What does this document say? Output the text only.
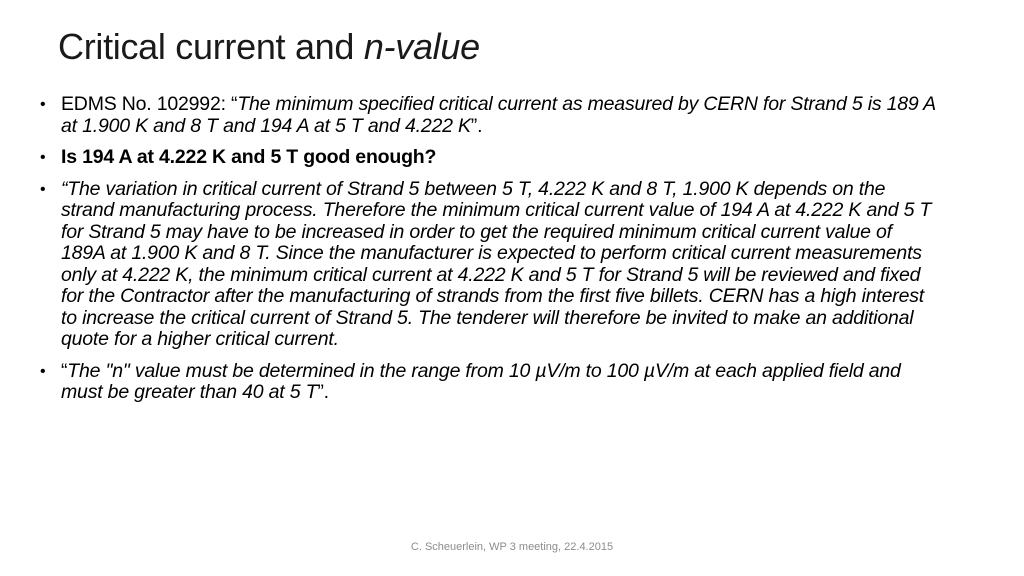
Critical current and n-value
• EDMS No. 102992: “The minimum specified critical current as measured by CERN for Strand 5 is 189 A at 1.900 K and 8 T and 194 A at 5 T and 4.222 K”.
• Is 194 A at 4.222 K and 5 T good enough?
• “The variation in critical current of Strand 5 between 5 T, 4.222 K and 8 T, 1.900 K depends on the strand manufacturing process. Therefore the minimum critical current value of 194 A at 4.222 K and 5 T for Strand 5 may have to be increased in order to get the required minimum critical current value of 189A at 1.900 K and 8 T. Since the manufacturer is expected to perform critical current measurements only at 4.222 K, the minimum critical current at 4.222 K and 5 T for Strand 5 will be reviewed and fixed for the Contractor after the manufacturing of strands from the first five billets. CERN has a high interest to increase the critical current of Strand 5. The tenderer will therefore be invited to make an additional quote for a higher critical current.
• “The "n" value must be determined in the range from 10 µV/m to 100 µV/m at each applied field and must be greater than 40 at 5 T”.
C. Scheuerlein, WP 3 meeting, 22.4.2015
